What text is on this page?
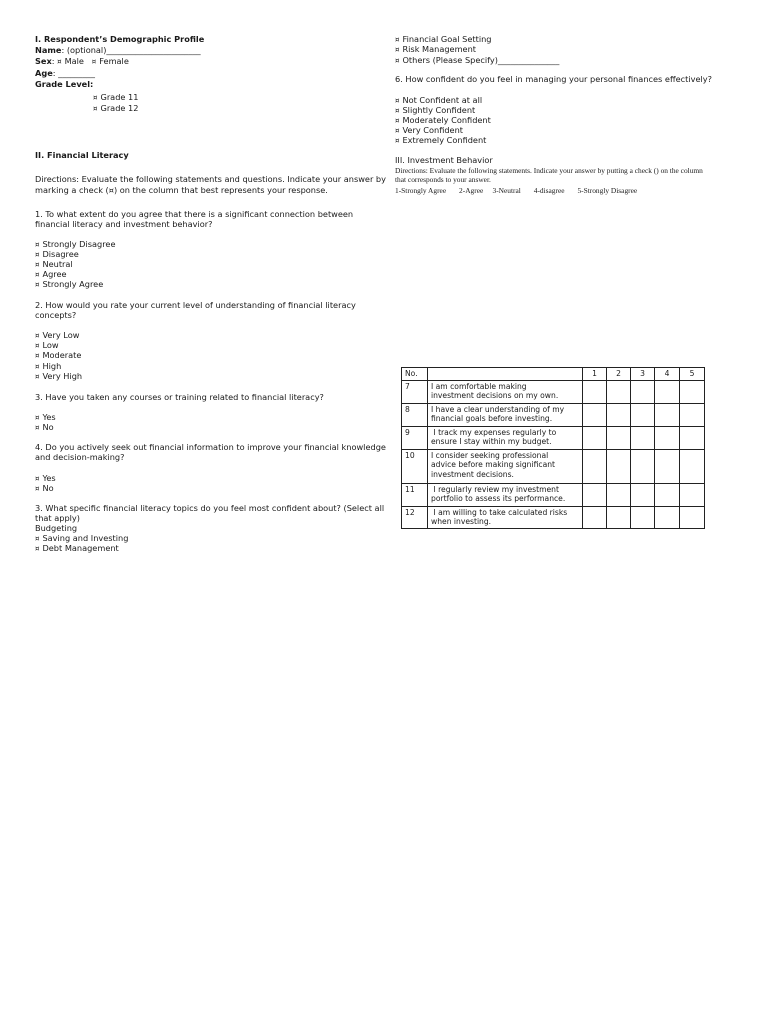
I. Respondent’s Demographic Profile
Name: (optional)_______________________
Sex: ¤ Male ¤ Female
Age: _________
Grade Level:
¤ Grade 11
¤ Grade 12
II. Financial Literacy
Directions: Evaluate the following statements and questions. Indicate your answer by
marking a check (¤) on the column that best represents your response.
1. To what extent do you agree that there is a significant connection between
financial literacy and investment behavior?
¤ Strongly Disagree
¤ Disagree
¤ Neutral
¤ Agree
¤ Strongly Agree
2. How would you rate your current level of understanding of financial literacy
concepts?
¤ Very Low
¤ Low
¤ Moderate
¤ High
¤ Very High
3. Have you taken any courses or training related to financial literacy?
¤ Yes
¤ No
4. Do you actively seek out financial information to improve your financial knowledge
and decision-making?
¤ Yes
¤ No
3. What specific financial literacy topics do you feel most confident about? (Select all
that apply)
Budgeting
¤ Saving and Investing
¤ Debt Management
¤ Financial Goal Setting
¤ Risk Management
¤ Others (Please Specify)_______________
6. How confident do you feel in managing your personal finances effectively?
¤ Not Confident at all
¤ Slightly Confident
¤ Moderately Confident
¤ Very Confident
¤ Extremely Confident
III. Investment Behavior
Directions: Evaluate the following statements. Indicate your answer by putting a check () on the column
that corresponds to your answer.
1-Strongly Agree       2-Agree     3-Neutral       4-disagree       5-Strongly Disagree
No.		1	2	3	4	5
7	I am comfortable making
investment decisions on my own.					

8	I have a clear understanding of my
financial goals before investing.					

9	I track my expenses regularly to
ensure I stay within my budget.					

10	I consider seeking professional
advice before making significant
investment decisions.					

11	I regularly review my investment
portfolio to assess its performance.					

12	I am willing to take calculated risks
when investing.					
